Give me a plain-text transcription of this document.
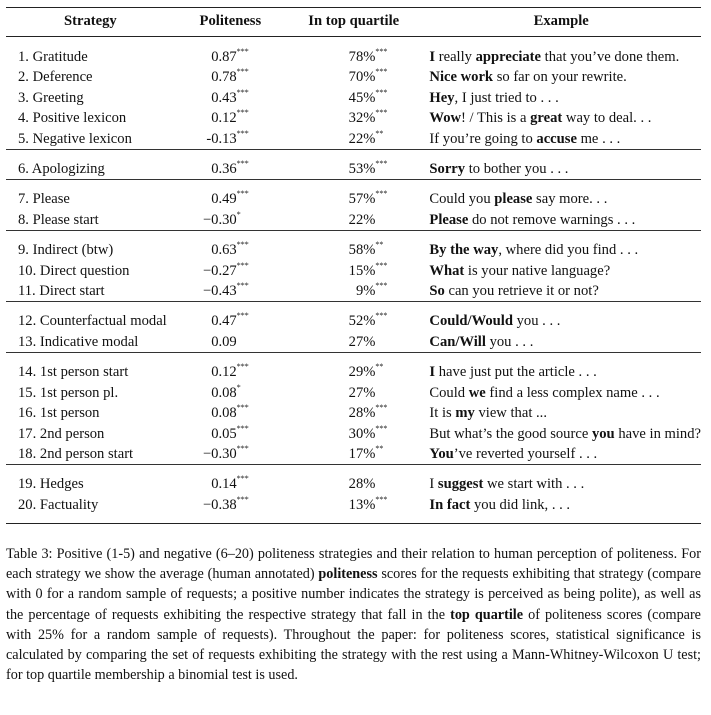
Strategy	Politeness	In top quartile	Example
1. Gratitude	0.87***	78%***	I really appreciate that you’ve done them.
2. Deference	0.78***	70%***	Nice work so far on your rewrite.
3. Greeting	0.43***	45%***	Hey, I just tried to . . .
4. Positive lexicon	0.12***	32%***	Wow! / This is a great way to deal. . .
5. Negative lexicon	-0.13***	22%**	If you’re going to accuse me . . .
6. Apologizing	0.36***	53%***	Sorry to bother you . . .
7. Please	0.49***	57%***	Could you please say more. . .
8. Please start	−0.30*	22%	Please do not remove warnings . . .
9. Indirect (btw)	0.63***	58%**	By the way, where did you find . . .
10. Direct question	−0.27***	15%***	What is your native language?
11. Direct start	−0.43***	9%***	So can you retrieve it or not?
12. Counterfactual modal	0.47***	52%***	Could/Would you . . .
13. Indicative modal	0.09	27%	Can/Will you . . .
14. 1st person start	0.12***	29%**	I have just put the article . . .
15. 1st person pl.	0.08*	27%	Could we find a less complex name . . .
16. 1st person	0.08***	28%***	It is my view that ...
17. 2nd person	0.05***	30%***	But what’s the good source you have in mind?
18. 2nd person start	−0.30***	17%**	You’ve reverted yourself . . .
19. Hedges	0.14***	28%	I suggest we start with . . .
20. Factuality	−0.38***	13%***	In fact you did link, . . .
Table 3: Positive (1-5) and negative (6–20) politeness strategies and their relation to human perception of politeness. For each strategy we show the average (human annotated) politeness scores for the requests exhibiting that strategy (compare with 0 for a random sample of requests; a positive number indicates the strategy is perceived as being polite), as well as the percentage of requests exhibiting the respective strategy that fall in the top quartile of politeness scores (compare with 25% for a random sample of requests). Throughout the paper: for politeness scores, statistical significance is calculated by comparing the set of requests exhibiting the strategy with the rest using a Mann-Whitney-Wilcoxon U test; for top quartile membership a binomial test is used.
